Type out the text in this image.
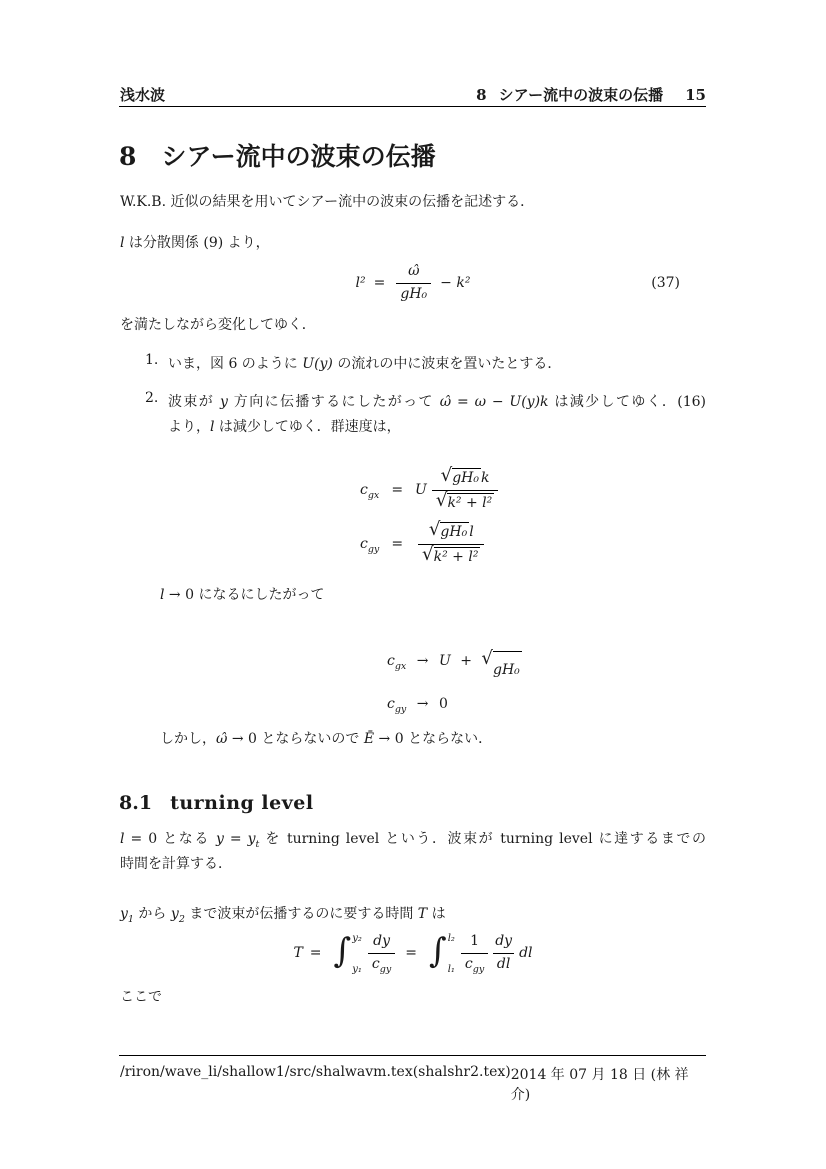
浅水波	8 シアー流中の波束の伝播 15
8 シアー流中の波束の伝播
W.K.B. 近似の結果を用いてシアー流中の波束の伝播を記述する．
l は分散関係 (9) より，
$l^2 = \frac{\omegâ}{\text{gH₀}} - k^2$	(37)
を満たしながら変化してゆく．
1. いま，図 6 のように U(y) の流れの中に波束を置いたとする．
2. 波束が y 方向に伝播するにしたがって ω̂ = ω − U(y)k は減少してゆく．(16)
より，l は減少してゆく．群速度は，
$c_{gx} = U \frac{\text{√ gH₀ k}}{\text{√ k² + l²}}$
$c_{gy} = \frac{\text{√ gH₀ l}}{\text{√ k² + l²}}$
l → 0 になるにしたがって
$c_{gx} \to U$ + √
gH₀
$c_{gy} \to 0$
しかし，ω̂ → 0 とならないので Ē → 0 とならない．
8.1 turning level
l = 0 となる $y = y_t$ を turning level という．波束が turning level に達するまでの
時間を計算する．
$y_1$ から $y_2$ まで波束が伝播するのに要する時間 T は
T = ∫ y₂
$y_1 \frac{dy}{c_{gy}}$ = ∫ l₂
$l_1 \frac{1}{c_{gy}} \frac{dy}{dl}$ dl
ここで
/riron/wave_li/shallow1/src/shalwavm.tex(shalshr2.tex) 2014 年 07 月 18 日 (林 祥介)
